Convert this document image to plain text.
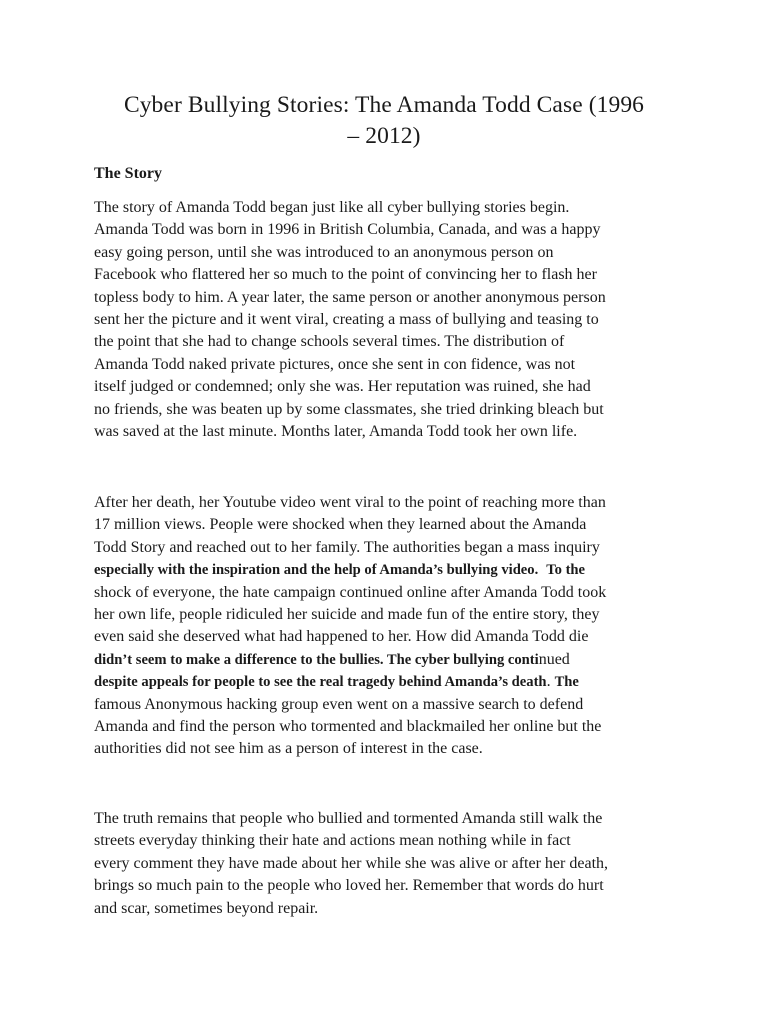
Cyber Bullying Stories: The Amanda Todd Case (1996
– 2012)
The Story

The story of Amanda Todd began just like all cyber bullying stories begin.
Amanda Todd was born in 1996 in British Columbia, Canada, and was a happy
easy going person, until she was introduced to an anonymous person on
Facebook who flattered her so much to the point of convincing her to flash her
topless body to him. A year later, the same person or another anonymous person
sent her the picture and it went viral, creating a mass of bullying and teasing to
the point that she had to change schools several times. The distribution of
Amanda Todd naked private pictures, once she sent in con fidence, was not
itself judged or condemned; only she was. Her reputation was ruined, she had
no friends, she was beaten up by some classmates, she tried drinking bleach but
was saved at the last minute. Months later, Amanda Todd took her own life.

After her death, her Youtube video went viral to the point of reaching more than
17 million views. People were shocked when they learned about the Amanda
Todd Story and reached out to her family. The authorities began a mass inquiry
especially with the inspiration and the help of Amanda’s bullying video. To the
shock of everyone, the hate campaign continued online after Amanda Todd took
her own life, people ridiculed her suicide and made fun of the entire story, they
even said she deserved what had happened to her. How did Amanda Todd die
didn’t seem to make a difference to the bullies. The cyber bullying continued
despite appeals for people to see the real tragedy behind Amanda’s death. The
famous Anonymous hacking group even went on a massive search to defend
Amanda and find the person who tormented and blackmailed her online but the
authorities did not see him as a person of interest in the case.

The truth remains that people who bullied and tormented Amanda still walk the
streets everyday thinking their hate and actions mean nothing while in fact
every comment they have made about her while she was alive or after her death,
brings so much pain to the people who loved her. Remember that words do hurt
and scar, sometimes beyond repair.
